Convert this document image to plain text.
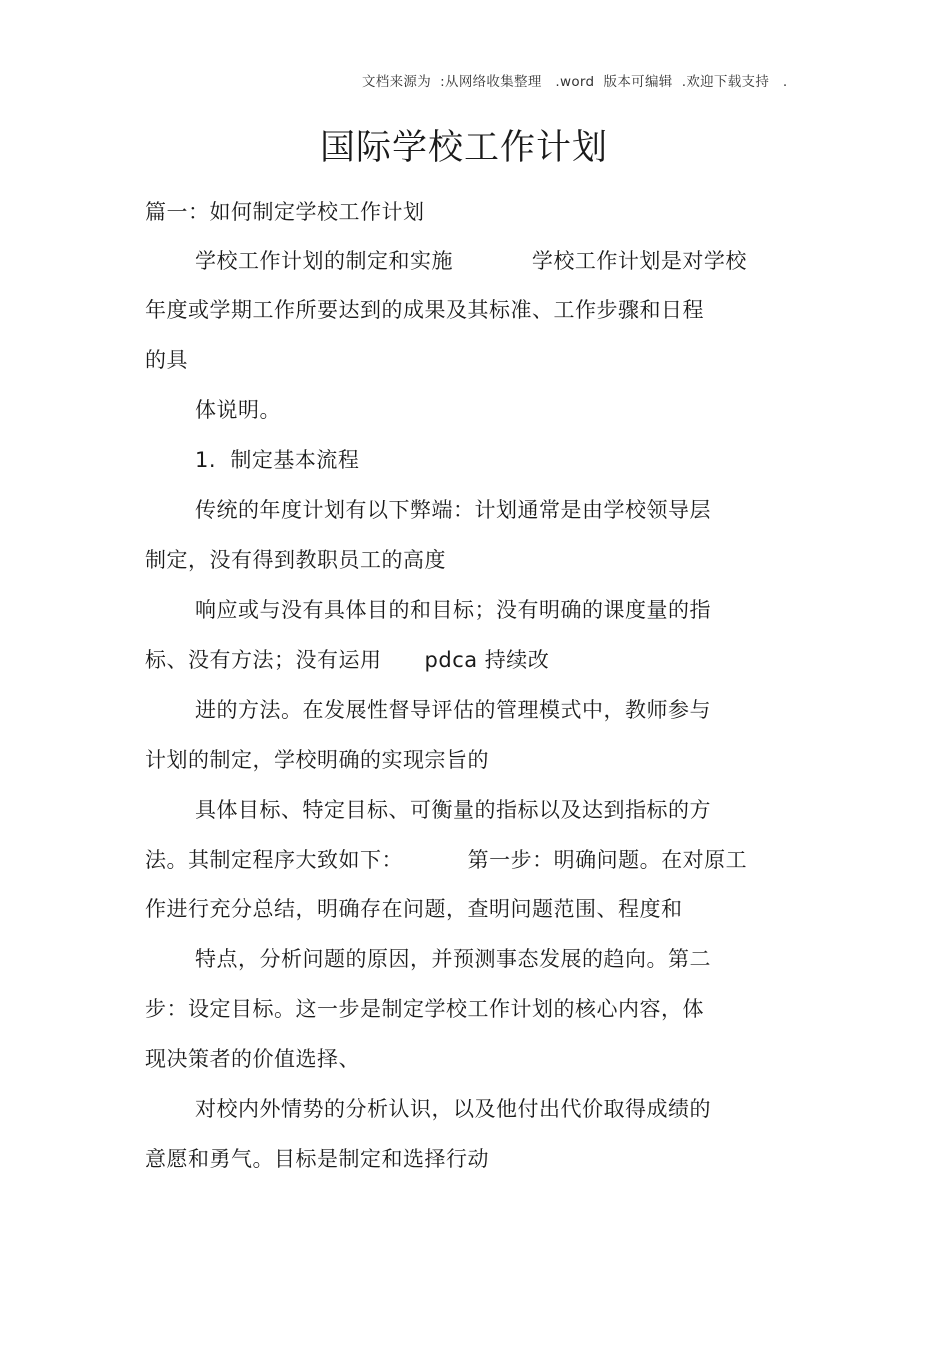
文档来源为  :从网络收集整理   .word  版本可编辑  .欢迎下载支持   .
国际学校工作计划
篇一：如何制定学校工作计划
学校工作计划的制定和实施           学校工作计划是对学校
年度或学期工作所要达到的成果及其标准、工作步骤和日程
的具
体说明。
1.  制定基本流程
传统的年度计划有以下弊端：计划通常是由学校领导层
制定，没有得到教职员工的高度
响应或与没有具体目的和目标；没有明确的课度量的指
标、没有方法；没有运用      pdca 持续改
进的方法。在发展性督导评估的管理模式中，教师参与
计划的制定，学校明确的实现宗旨的
具体目标、特定目标、可衡量的指标以及达到指标的方
法。其制定程序大致如下：         第一步：明确问题。在对原工
作进行充分总结，明确存在问题，查明问题范围、程度和
特点，分析问题的原因，并预测事态发展的趋向。第二
步：设定目标。这一步是制定学校工作计划的核心内容，体
现决策者的价值选择、
对校内外情势的分析认识，以及他付出代价取得成绩的
意愿和勇气。目标是制定和选择行动
